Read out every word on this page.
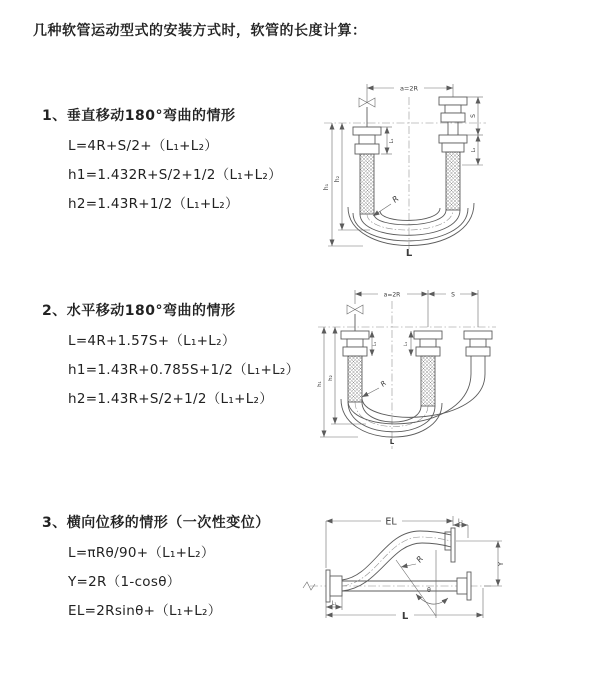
几种软管运动型式的安装方式时，软管的长度计算：
1、垂直移动180°弯曲的情形
L=4R+S/2+（L₁+L₂）
h1=1.432R+S/2+1/2（L₁+L₂）
h2=1.43R+1/2（L₁+L₂）
2、水平移动180°弯曲的情形
L=4R+1.57S+（L₁+L₂）
h1=1.43R+0.785S+1/2（L₁+L₂）
h2=1.43R+S/2+1/2（L₁+L₂）
3、横向位移的情形（一次性变位）
L=πRθ/90+（L₁+L₂）
Y=2R（1-cosθ）
EL=2Rsinθ+（L₁+L₂）
a=2R
h₁
h₂
L₁
S
L₂
R
L
a=2R	S
h₁
h₂
L₁	L₁
R
L
EL	L₂
Y
R
θ
L₁
L
